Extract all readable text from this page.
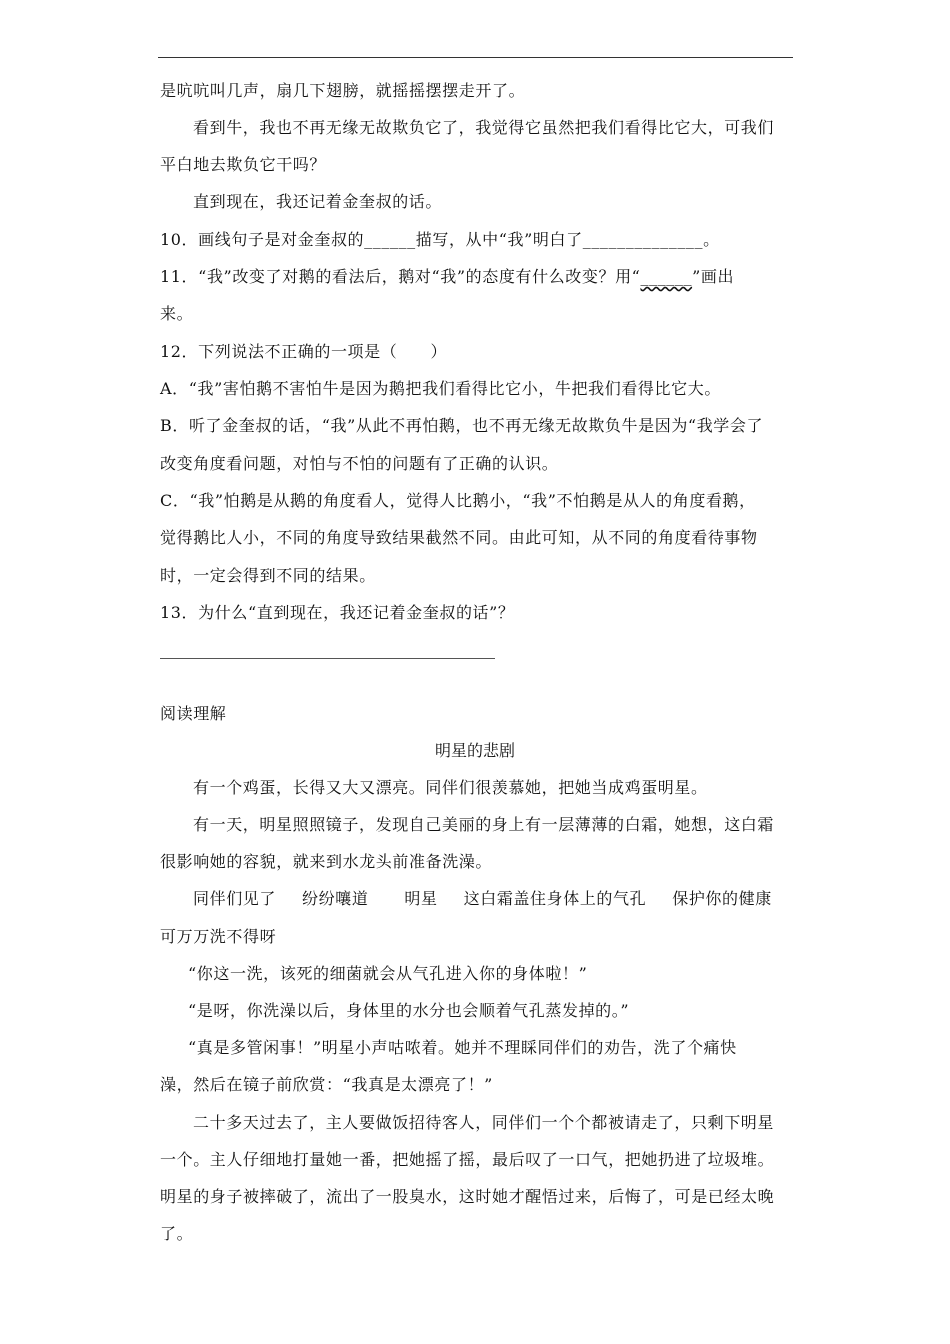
是吭吭叫几声，扇几下翅膀，就摇摇摆摆走开了。
看到牛，我也不再无缘无故欺负它了，我觉得它虽然把我们看得比它大，可我们
平白地去欺负它干吗？
直到现在，我还记着金奎叔的话。
10．画线句子是对金奎叔的______描写，从中“我”明白了______________。
11．“我”改变了对鹅的看法后，鹅对“我”的态度有什么改变？用“______”画出
来。
12．下列说法不正确的一项是（　　）
A．“我”害怕鹅不害怕牛是因为鹅把我们看得比它小，牛把我们看得比它大。
B．听了金奎叔的话，“我”从此不再怕鹅，也不再无缘无故欺负牛是因为“我学会了
改变角度看问题，对怕与不怕的问题有了正确的认识。
C．“我”怕鹅是从鹅的角度看人，觉得人比鹅小，“我”不怕鹅是从人的角度看鹅，
觉得鹅比人小，不同的角度导致结果截然不同。由此可知，从不同的角度看待事物
时，一定会得到不同的结果。
13．为什么“直到现在，我还记着金奎叔的话”？
阅读理解
明星的悲剧
有一个鸡蛋，长得又大又漂亮。同伴们很羡慕她，把她当成鸡蛋明星。
有一天，明星照照镜子，发现自己美丽的身上有一层薄薄的白霜，她想，这白霜
很影响她的容貌，就来到水龙头前准备洗澡。
同伴们见了 纷纷嚷道 明星 这白霜盖住身体上的气孔 保护你的健康
可万万洗不得呀
“你这一洗，该死的细菌就会从气孔进入你的身体啦！”
“是呀，你洗澡以后，身体里的水分也会顺着气孔蒸发掉的。”
“真是多管闲事！”明星小声咕哝着。她并不理睬同伴们的劝告，洗了个痛快
澡，然后在镜子前欣赏：“我真是太漂亮了！”
二十多天过去了，主人要做饭招待客人，同伴们一个个都被请走了，只剩下明星
一个。主人仔细地打量她一番，把她摇了摇，最后叹了一口气，把她扔进了垃圾堆。
明星的身子被摔破了，流出了一股臭水，这时她才醒悟过来，后悔了，可是已经太晚
了。
